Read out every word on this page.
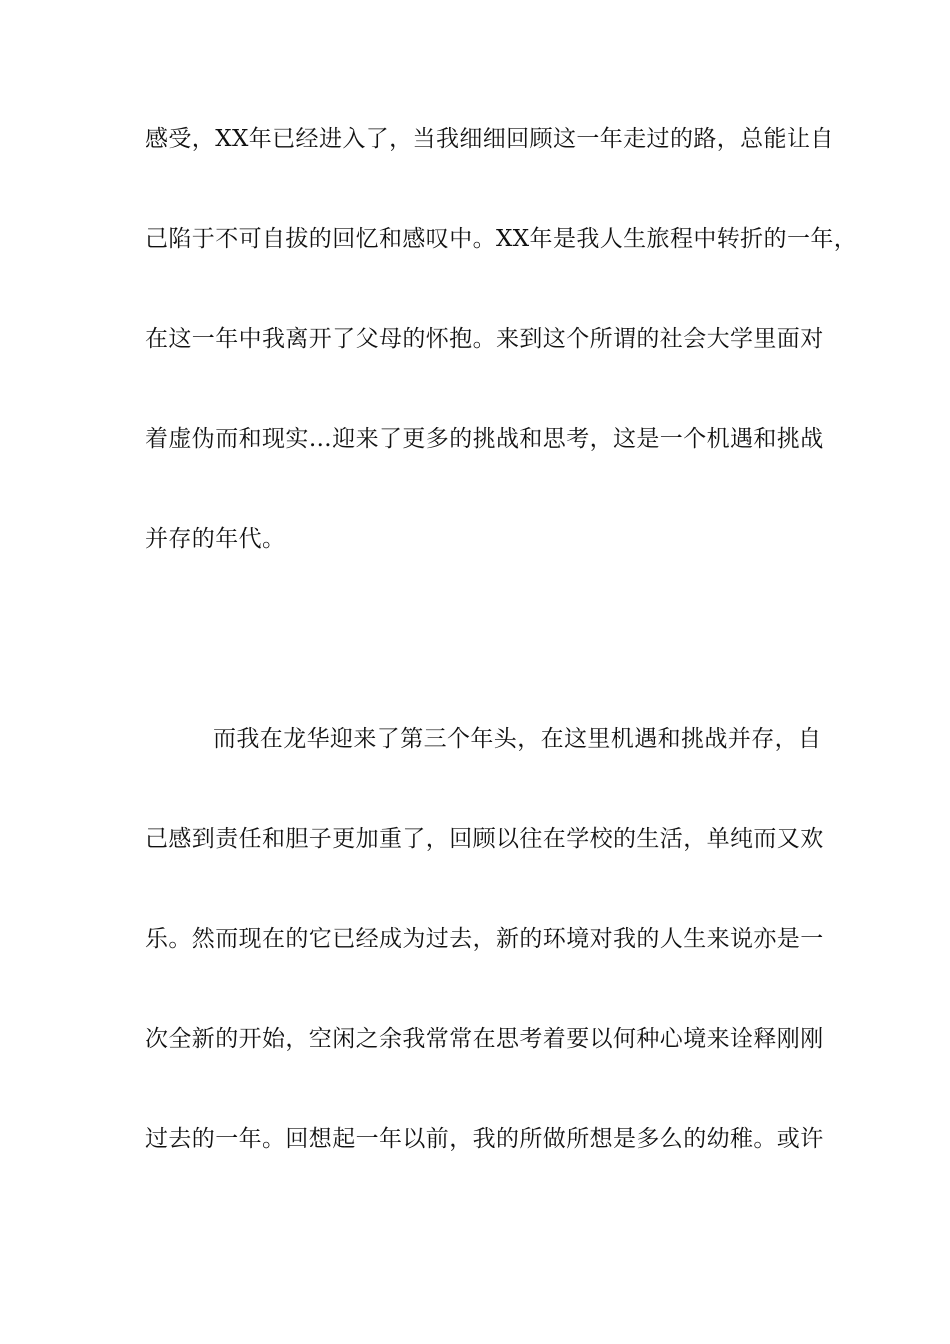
感受，XX年已经进入了，当我细细回顾这一年走过的路，总能让自
己陷于不可自拔的回忆和感叹中。XX年是我人生旅程中转折的一年，
在这一年中我离开了父母的怀抱。来到这个所谓的社会大学里面对
着虚伪而和现实…迎来了更多的挑战和思考，这是一个机遇和挑战
并存的年代。
而我在龙华迎来了第三个年头，在这里机遇和挑战并存，自
己感到责任和胆子更加重了，回顾以往在学校的生活，单纯而又欢
乐。然而现在的它已经成为过去，新的环境对我的人生来说亦是一
次全新的开始，空闲之余我常常在思考着要以何种心境来诠释刚刚
过去的一年。回想起一年以前，我的所做所想是多么的幼稚。或许
